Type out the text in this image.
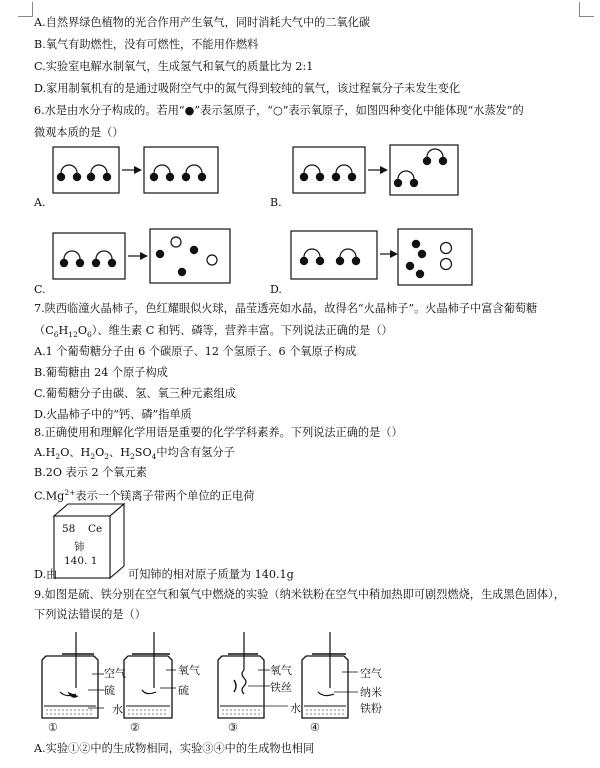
A.自然界绿色植物的光合作用产生氧气，同时消耗大气中的二氧化碳
B.氧气有助燃性，没有可燃性，不能用作燃料
C.实验室电解水制氧气，生成氢气和氧气的质量比为 2:1
D.家用制氧机有的是通过吸附空气中的氮气得到较纯的氧气，该过程氧分子未发生变化
6.水是由水分子构成的。若用“●”表示氢原子，“○”表示氧原子，如图四种变化中能体现“水蒸发”的
微观本质的是（）
A.	B.
C.	D.
7.陕西临潼火晶柿子，色红耀眼似火球，晶莹透亮如水晶，故得名“火晶柿子”。火晶柿子中富含葡萄糖
$(C_6H_{12}O_6)$、维生素 C 和钙、磷等，营养丰富。下列说法正确的是（）
A.1 个葡萄糖分子由 6 个碳原子、12 个氢原子、6 个氧原子构成
B.葡萄糖由 24 个原子构成
C.葡萄糖分子由碳、氢、氧三种元素组成
D.火晶柿子中的“钙、磷”指单质
8.正确使用和理解化学用语是重要的化学学科素养。下列说法正确的是（）
$A.H_2O$、$H_2O_2$、$H_2SO_4$中均含有氢分子
B.2O 表示 2 个氧元素
$C.Mg^{2+}$表示一个镁离子带两个单位的正电荷
58 Ce
铈
140. 1
D.由	可知铈的相对原子质量为 140.1g
9.如图是硫、铁分别在空气和氧气中燃烧的实验（纳米铁粉在空气中稍加热即可剧烈燃烧，生成黑色固体），
下列说法错误的是（）
空气
硫
氧气
硫
氧气
铁丝
水
水
空气
纳米
铁粉
①	②	③	④
A.实验①②中的生成物相同，实验③④中的生成物也相同
